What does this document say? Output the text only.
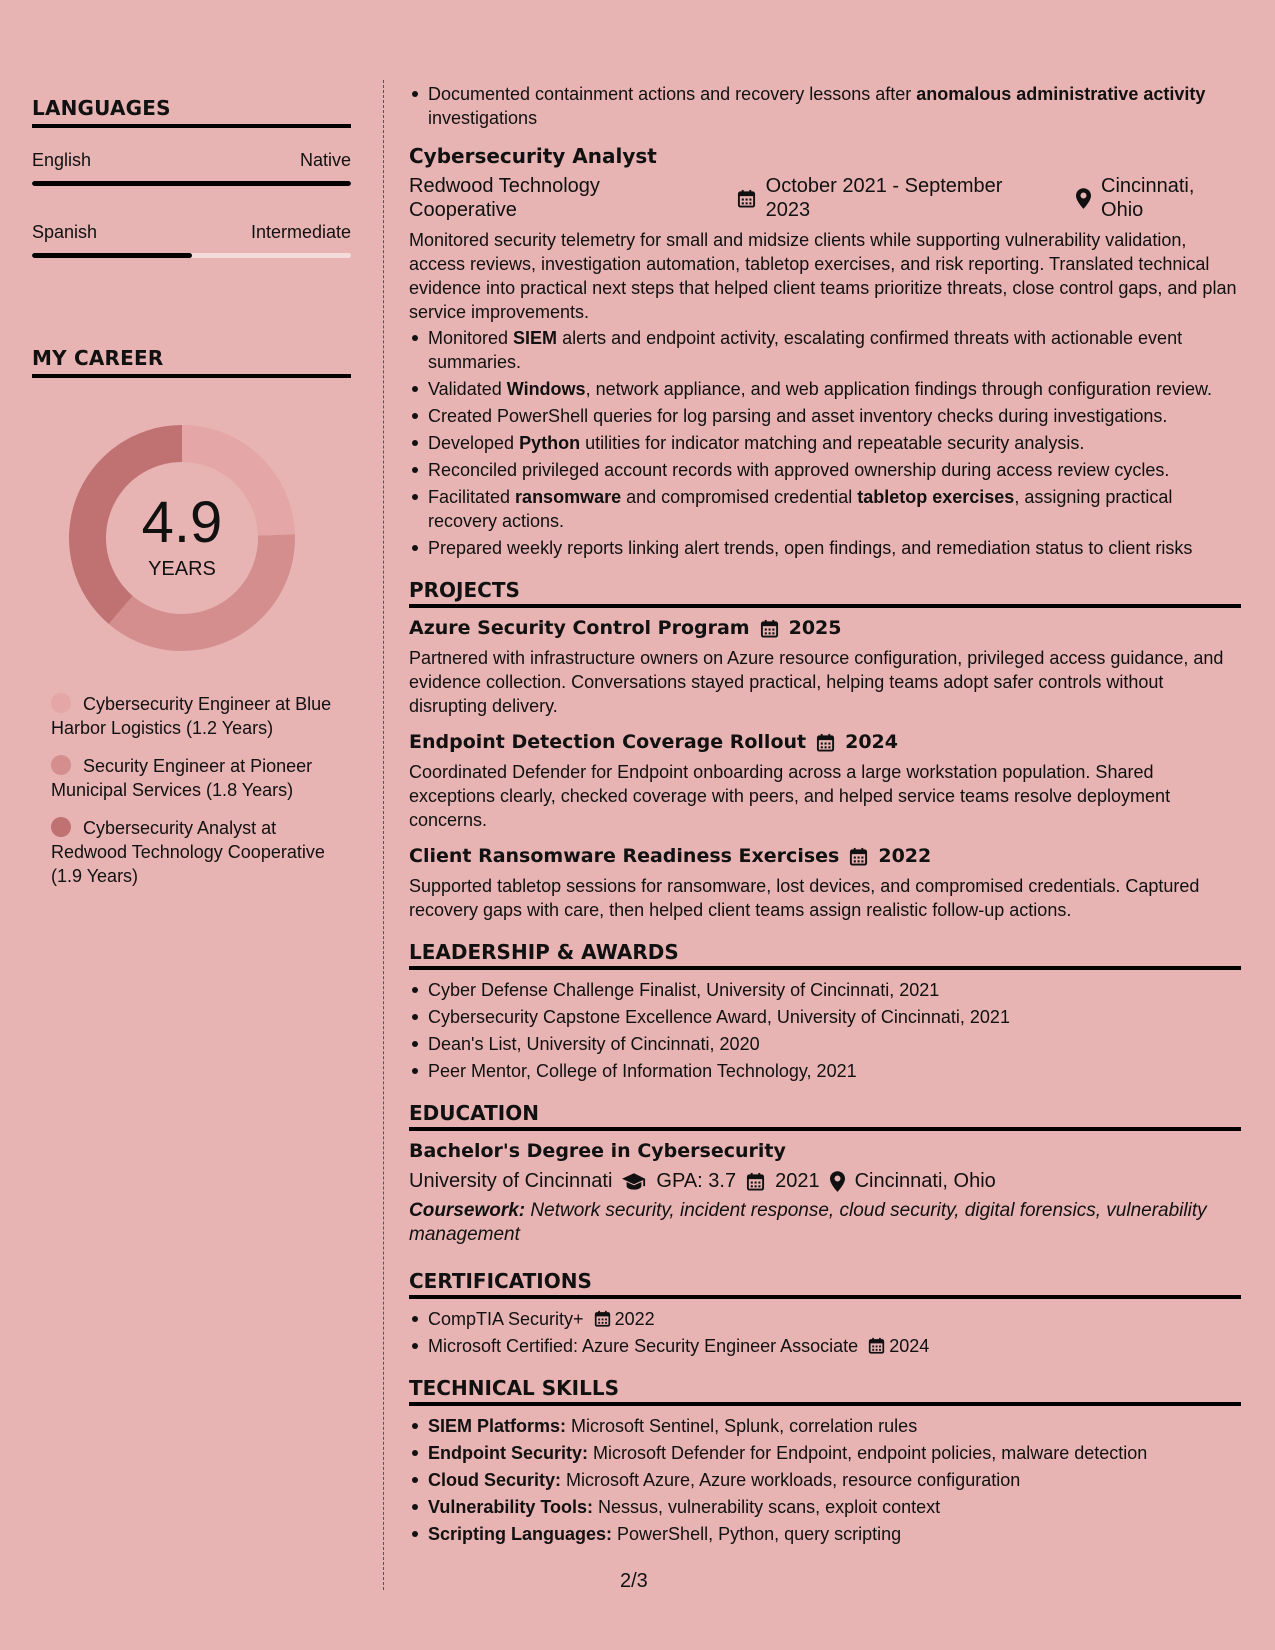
LANGUAGES
English	Native
Spanish	Intermediate
MY CAREER
4.9
YEARS
Cybersecurity Engineer at Blue Harbor Logistics (1.2 Years)
Security Engineer at Pioneer Municipal Services (1.8 Years)
Cybersecurity Analyst at Redwood Technology Cooperative (1.9 Years)
Documented containment actions and recovery lessons after anomalous administrative activity investigations
Cybersecurity Analyst
Redwood Technology Cooperative
October 2021 - September 2023
Cincinnati, Ohio

Monitored security telemetry for small and midsize clients while supporting vulnerability validation, access reviews, investigation automation, tabletop exercises, and risk reporting. Translated technical evidence into practical next steps that helped client teams prioritize threats, close control gaps, and plan service improvements.

Monitored SIEM alerts and endpoint activity, escalating confirmed threats with actionable event summaries.
Validated Windows, network appliance, and web application findings through configuration review.
Created PowerShell queries for log parsing and asset inventory checks during investigations.
Developed Python utilities for indicator matching and repeatable security analysis.
Reconciled privileged account records with approved ownership during access review cycles.
Facilitated ransomware and compromised credential tabletop exercises, assigning practical recovery actions.
Prepared weekly reports linking alert trends, open findings, and remediation status to client risks
PROJECTS
Azure Security Control Program 2025

Partnered with infrastructure owners on Azure resource configuration, privileged access guidance, and evidence collection. Conversations stayed practical, helping teams adopt safer controls without disrupting delivery.

Endpoint Detection Coverage Rollout 2024

Coordinated Defender for Endpoint onboarding across a large workstation population. Shared exceptions clearly, checked coverage with peers, and helped service teams resolve deployment concerns.

Client Ransomware Readiness Exercises 2022

Supported tabletop sessions for ransomware, lost devices, and compromised credentials. Captured recovery gaps with care, then helped client teams assign realistic follow-up actions.

LEADERSHIP & AWARDS
Cyber Defense Challenge Finalist, University of Cincinnati, 2021
Cybersecurity Capstone Excellence Award, University of Cincinnati, 2021
Dean's List, University of Cincinnati, 2020
Peer Mentor, College of Information Technology, 2021
EDUCATION
Bachelor's Degree in Cybersecurity
University of Cincinnati GPA: 3.7 2021 Cincinnati, Ohio

Coursework: Network security, incident response, cloud security, digital forensics, vulnerability management

CERTIFICATIONS
CompTIA Security+ 2022
Microsoft Certified: Azure Security Engineer Associate 2024
TECHNICAL SKILLS
SIEM Platforms: Microsoft Sentinel, Splunk, correlation rules
Endpoint Security: Microsoft Defender for Endpoint, endpoint policies, malware detection
Cloud Security: Microsoft Azure, Azure workloads, resource configuration
Vulnerability Tools: Nessus, vulnerability scans, exploit context
Scripting Languages: PowerShell, Python, query scripting
2/3
